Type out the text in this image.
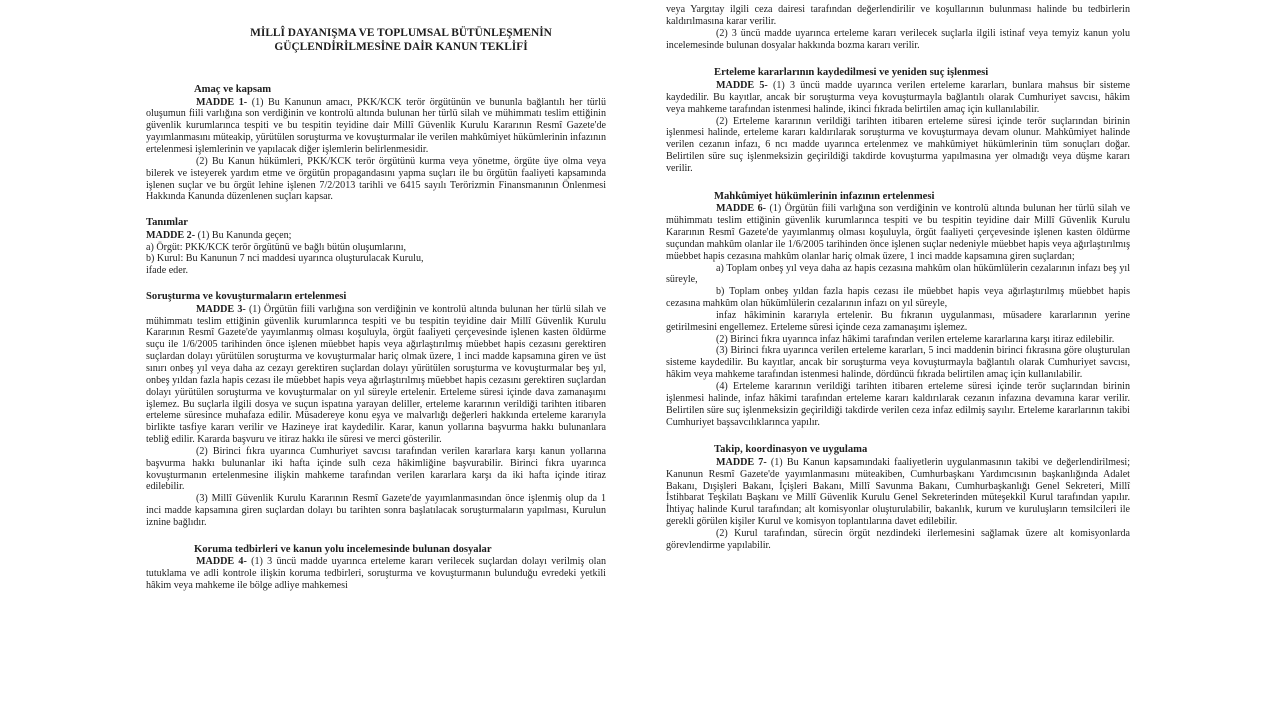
MİLLÎ DAYANIŞMA VE TOPLUMSAL BÜTÜNLEŞMENİN
GÜÇLENDİRİLMESİNE DAİR KANUN TEKLİFİ
Amaç ve kapsam

MADDE 1- (1) Bu Kanunun amacı, PKK/KCK terör örgütünün ve bununla bağlantılı her türlü oluşumun fiili varlığına son verdiğinin ve kontrolü altında bulunan her türlü silah ve mühimmatı teslim ettiğinin güvenlik kurumlarınca tespiti ve bu tespitin teyidine dair Millî Güvenlik Kurulu Kararının Resmî Gazete'de yayımlanmasını müteakip, yürütülen soruşturma ve kovuşturmalar ile verilen mahkûmiyet hükümlerinin infazının ertelenmesi işlemlerinin ve yapılacak diğer işlemlerin belirlenmesidir.

(2) Bu Kanun hükümleri, PKK/KCK terör örgütünü kurma veya yönetme, örgüte üye olma veya bilerek ve isteyerek yardım etme ve örgütün propagandasını yapma suçları ile bu örgütün faaliyeti kapsamında işlenen suçlar ve bu örgüt lehine işlenen 7/2/2013 tarihli ve 6415 sayılı Terörizmin Finansmanının Önlenmesi Hakkında Kanunda düzenlenen suçları kapsar.

Tanımlar

MADDE 2- (1) Bu Kanunda geçen;

a) Örgüt: PKK/KCK terör örgütünü ve bağlı bütün oluşumlarını,

b) Kurul: Bu Kanunun 7 nci maddesi uyarınca oluşturulacak Kurulu,

ifade eder.

Soruşturma ve kovuşturmaların ertelenmesi

MADDE 3- (1) Örgütün fiili varlığına son verdiğinin ve kontrolü altında bulunan her türlü silah ve mühimmatı teslim ettiğinin güvenlik kurumlarınca tespiti ve bu tespitin teyidine dair Millî Güvenlik Kurulu Kararının Resmî Gazete'de yayımlanmış olması koşuluyla, örgüt faaliyeti çerçevesinde işlenen kasten öldürme suçu ile 1/6/2005 tarihinden önce işlenen müebbet hapis veya ağırlaştırılmış müebbet hapis cezasını gerektiren suçlardan dolayı yürütülen soruşturma ve kovuşturmalar hariç olmak üzere, 1 inci madde kapsamına giren ve üst sınırı onbeş yıl veya daha az cezayı gerektiren suçlardan dolayı yürütülen soruşturma ve kovuşturmalar beş yıl, onbeş yıldan fazla hapis cezası ile müebbet hapis veya ağırlaştırılmış müebbet hapis cezasını gerektiren suçlardan dolayı yürütülen soruşturma ve kovuşturmalar on yıl süreyle ertelenir. Erteleme süresi içinde dava zamanaşımı işlemez. Bu suçlarla ilgili dosya ve suçun ispatına yarayan deliller, erteleme kararının verildiği tarihten itibaren erteleme süresince muhafaza edilir. Müsadereye konu eşya ve malvarlığı değerleri hakkında erteleme kararıyla birlikte tasfiye kararı verilir ve Hazineye irat kaydedilir. Karar, kanun yollarına başvurma hakkı bulunanlara tebliğ edilir. Kararda başvuru ve itiraz hakkı ile süresi ve merci gösterilir.

(2) Birinci fıkra uyarınca Cumhuriyet savcısı tarafından verilen kararlara karşı kanun yollarına başvurma hakkı bulunanlar iki hafta içinde sulh ceza hâkimliğine başvurabilir. Birinci fıkra uyarınca kovuşturmanın ertelenmesine ilişkin mahkeme tarafından verilen kararlara karşı da iki hafta içinde itiraz edilebilir.

(3) Millî Güvenlik Kurulu Kararının Resmî Gazete'de yayımlanmasından önce işlenmiş olup da 1 inci madde kapsamına giren suçlardan dolayı bu tarihten sonra başlatılacak soruşturmaların yapılması, Kurulun iznine bağlıdır.

Koruma tedbirleri ve kanun yolu incelemesinde bulunan dosyalar

MADDE 4- (1) 3 üncü madde uyarınca erteleme kararı verilecek suçlardan dolayı verilmiş olan tutuklama ve adli kontrole ilişkin koruma tedbirleri, soruşturma ve kovuşturmanın bulunduğu evredeki yetkili hâkim veya mahkeme ile bölge adliye mahkemesi

veya Yargıtay ilgili ceza dairesi tarafından değerlendirilir ve koşullarının bulunması halinde bu tedbirlerin kaldırılmasına karar verilir.

(2) 3 üncü madde uyarınca erteleme kararı verilecek suçlarla ilgili istinaf veya temyiz kanun yolu incelemesinde bulunan dosyalar hakkında bozma kararı verilir.

Erteleme kararlarının kaydedilmesi ve yeniden suç işlenmesi

MADDE 5- (1) 3 üncü madde uyarınca verilen erteleme kararları, bunlara mahsus bir sisteme kaydedilir. Bu kayıtlar, ancak bir soruşturma veya kovuşturmayla bağlantılı olarak Cumhuriyet savcısı, hâkim veya mahkeme tarafından istenmesi halinde, ikinci fıkrada belirtilen amaç için kullanılabilir.

(2) Erteleme kararının verildiği tarihten itibaren erteleme süresi içinde terör suçlarından birinin işlenmesi halinde, erteleme kararı kaldırılarak soruşturma ve kovuşturmaya devam olunur. Mahkûmiyet halinde verilen cezanın infazı, 6 ncı madde uyarınca ertelenmez ve mahkûmiyet hükümlerinin tüm sonuçları doğar. Belirtilen süre suç işlenmeksizin geçirildiği takdirde kovuşturma yapılmasına yer olmadığı veya düşme kararı verilir.

Mahkûmiyet hükümlerinin infazının ertelenmesi

MADDE 6- (1) Örgütün fiili varlığına son verdiğinin ve kontrolü altında bulunan her türlü silah ve mühimmatı teslim ettiğinin güvenlik kurumlarınca tespiti ve bu tespitin teyidine dair Millî Güvenlik Kurulu Kararının Resmî Gazete'de yayımlanmış olması koşuluyla, örgüt faaliyeti çerçevesinde işlenen kasten öldürme suçundan mahkûm olanlar ile 1/6/2005 tarihinden önce işlenen suçlar nedeniyle müebbet hapis veya ağırlaştırılmış müebbet hapis cezasına mahkûm olanlar hariç olmak üzere, 1 inci madde kapsamına giren suçlardan;

a) Toplam onbeş yıl veya daha az hapis cezasına mahkûm olan hükümlülerin cezalarının infazı beş yıl süreyle,

b) Toplam onbeş yıldan fazla hapis cezası ile müebbet hapis veya ağırlaştırılmış müebbet hapis cezasına mahkûm olan hükümlülerin cezalarının infazı on yıl süreyle,

infaz hâkiminin kararıyla ertelenir. Bu fıkranın uygulanması, müsadere kararlarının yerine getirilmesini engellemez. Erteleme süresi içinde ceza zamanaşımı işlemez.

(2) Birinci fıkra uyarınca infaz hâkimi tarafından verilen erteleme kararlarına karşı itiraz edilebilir.

(3) Birinci fıkra uyarınca verilen erteleme kararları, 5 inci maddenin birinci fıkrasına göre oluşturulan sisteme kaydedilir. Bu kayıtlar, ancak bir soruşturma veya kovuşturmayla bağlantılı olarak Cumhuriyet savcısı, hâkim veya mahkeme tarafından istenmesi halinde, dördüncü fıkrada belirtilen amaç için kullanılabilir.

(4) Erteleme kararının verildiği tarihten itibaren erteleme süresi içinde terör suçlarından birinin işlenmesi halinde, infaz hâkimi tarafından erteleme kararı kaldırılarak cezanın infazına devamına karar verilir. Belirtilen süre suç işlenmeksizin geçirildiği takdirde verilen ceza infaz edilmiş sayılır. Erteleme kararlarının takibi Cumhuriyet başsavcılıklarınca yapılır.

Takip, koordinasyon ve uygulama

MADDE 7- (1) Bu Kanun kapsamındaki faaliyetlerin uygulanmasının takibi ve değerlendirilmesi; Kanunun Resmî Gazete'de yayımlanmasını müteakiben, Cumhurbaşkanı Yardımcısının başkanlığında Adalet Bakanı, Dışişleri Bakanı, İçişleri Bakanı, Millî Savunma Bakanı, Cumhurbaşkanlığı Genel Sekreteri, Millî İstihbarat Teşkilatı Başkanı ve Millî Güvenlik Kurulu Genel Sekreterinden müteşekkil Kurul tarafından yapılır. İhtiyaç halinde Kurul tarafından; alt komisyonlar oluşturulabilir, bakanlık, kurum ve kuruluşların temsilcileri ile gerekli görülen kişiler Kurul ve komisyon toplantılarına davet edilebilir.

(2) Kurul tarafından, sürecin örgüt nezdindeki ilerlemesini sağlamak üzere alt komisyonlarda görevlendirme yapılabilir.
